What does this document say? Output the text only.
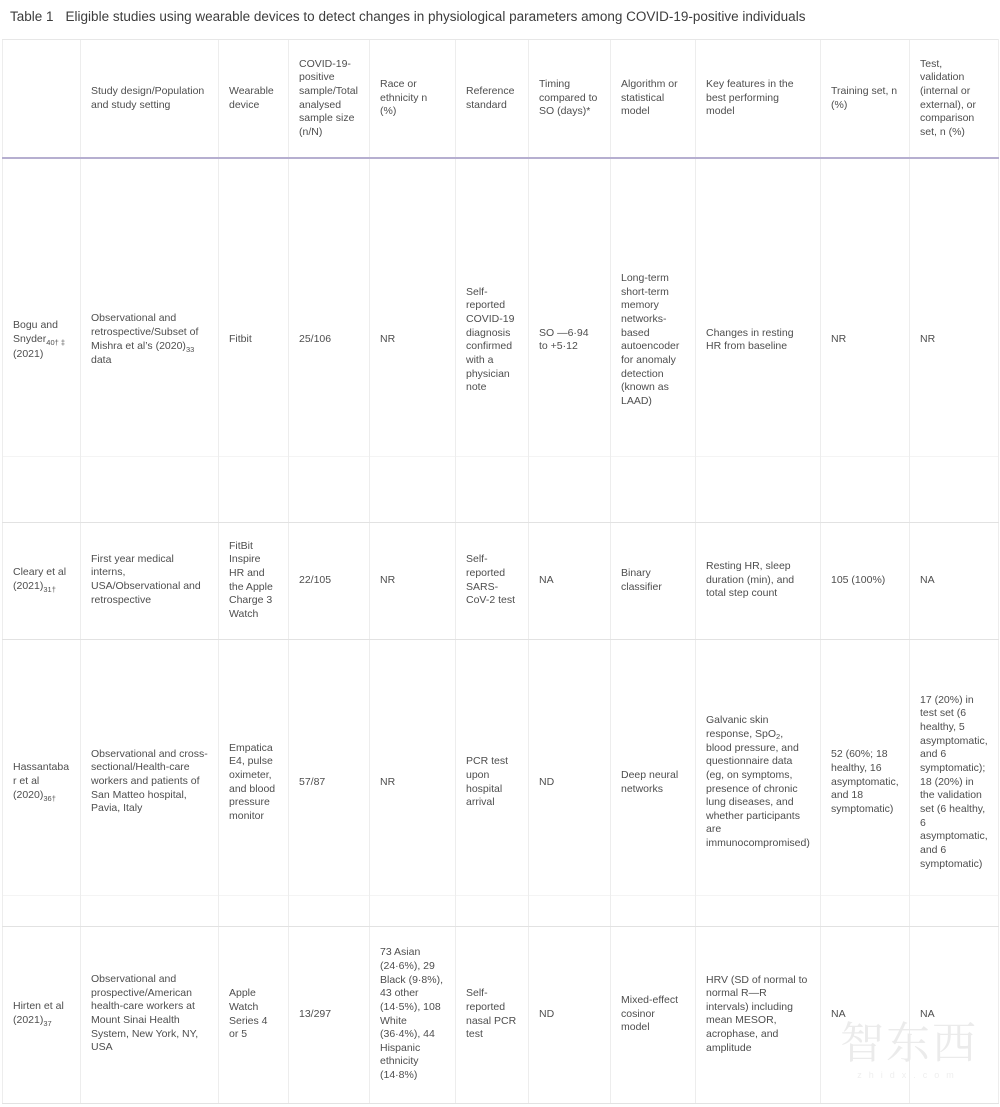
Table 1 Eligible studies using wearable devices to detect changes in physiological parameters among COVID-19-positive individuals
	Study design/Population and study setting	Wearable device	COVID-19-positive sample/Total analysed sample size (n/N)	Race or ethnicity n (%)	Reference standard	Timing compared to SO (days)*	Algorithm or statistical model	Key features in the best performing model	Training set, n (%)	Test, validation (internal or external), or comparison set, n (%)
Bogu and Snyder$_{40\dagger \ddagger}$ (2021)	Observational and retrospective/Subset of Mishra et al’s $(2020)_{33}$ data	Fitbit	25/106	NR	Self-reported COVID-19 diagnosis confirmed with a physician note	SO —6·94 to +5·12	Long-term short-term memory networks-based autoencoder for anomaly detection (known as LAAD)	Changes in resting HR from baseline	NR	NR
Cleary et al $(2021)_{31\dagger}$	First year medical interns, USA/Observational and retrospective	FitBit Inspire HR and the Apple Charge 3 Watch	22/105	NR	Self-reported SARS-CoV-2 test	NA	Binary classifier	Resting HR, sleep duration (min), and total step count	105 (100%)	NA
Hassantabar et al $(2020)_{36\dagger}$	Observational and cross-sectional/Health-care workers and patients of San Matteo hospital, Pavia, Italy	Empatica E4, pulse oximeter, and blood pressure monitor	57/87	NR	PCR test upon hospital arrival	ND	Deep neural networks	Galvanic skin response, SpO2, blood pressure, and questionnaire data (eg, on symptoms, presence of chronic lung diseases, and whether participants are immunocompromised)	52 (60%; 18 healthy, 16 asymptomatic, and 18 symptomatic)	17 (20%) in test set (6 healthy, 5 asymptomatic, and 6 symptomatic); 18 (20%) in the validation set (6 healthy, 6 asymptomatic, and 6 symptomatic)
Hirten et al $(2021)_{37}$	Observational and prospective/American health-care workers at Mount Sinai Health System, New York, NY, USA	Apple Watch Series 4 or 5	13/297	73 Asian (24·6%), 29 Black (9·8%), 43 other (14·5%), 108 White (36·4%), 44 Hispanic ethnicity (14·8%)	Self-reported nasal PCR test	ND	Mixed-effect cosinor model	HRV (SD of normal to normal R—R intervals) including mean MESOR, acrophase, and amplitude	NA	NA
智东西
zhidx.com
